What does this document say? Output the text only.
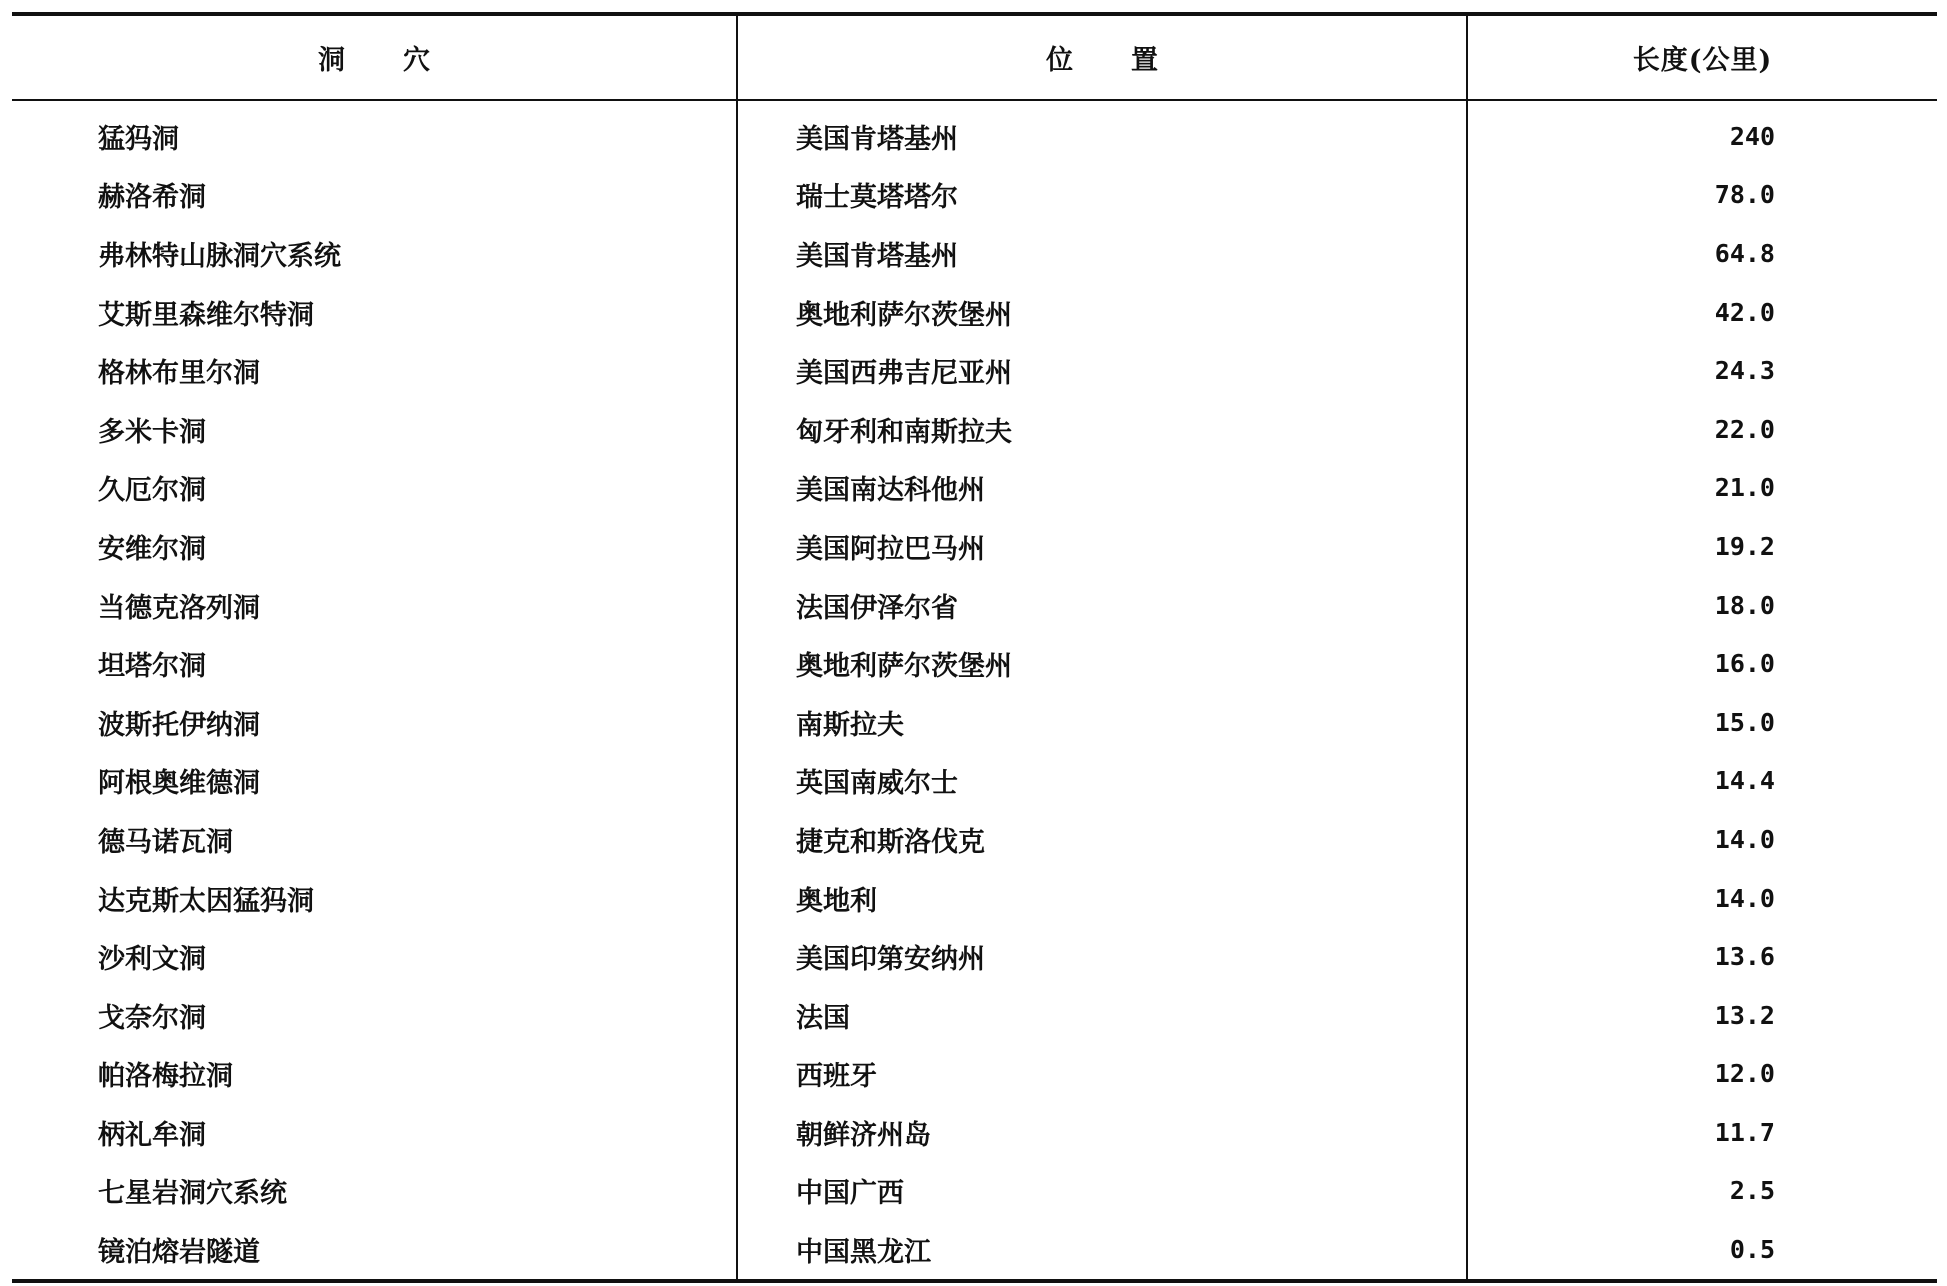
洞穴	位置	长度(公里)
猛犸洞	美国肯塔基州	240
赫洛希洞	瑞士莫塔塔尔	78.0
弗林特山脉洞穴系统	美国肯塔基州	64.8
艾斯里森维尔特洞	奥地利萨尔茨堡州	42.0
格林布里尔洞	美国西弗吉尼亚州	24.3
多米卡洞	匈牙利和南斯拉夫	22.0
久厄尔洞	美国南达科他州	21.0
安维尔洞	美国阿拉巴马州	19.2
当德克洛列洞	法国伊泽尔省	18.0
坦塔尔洞	奥地利萨尔茨堡州	16.0
波斯托伊纳洞	南斯拉夫	15.0
阿根奥维德洞	英国南威尔士	14.4
德马诺瓦洞	捷克和斯洛伐克	14.0
达克斯太因猛犸洞	奥地利	14.0
沙利文洞	美国印第安纳州	13.6
戈奈尔洞	法国	13.2
帕洛梅拉洞	西班牙	12.0
柄礼牟洞	朝鲜济州岛	11.7
七星岩洞穴系统	中国广西	2.5
镜泊熔岩隧道	中国黑龙江	0.5
